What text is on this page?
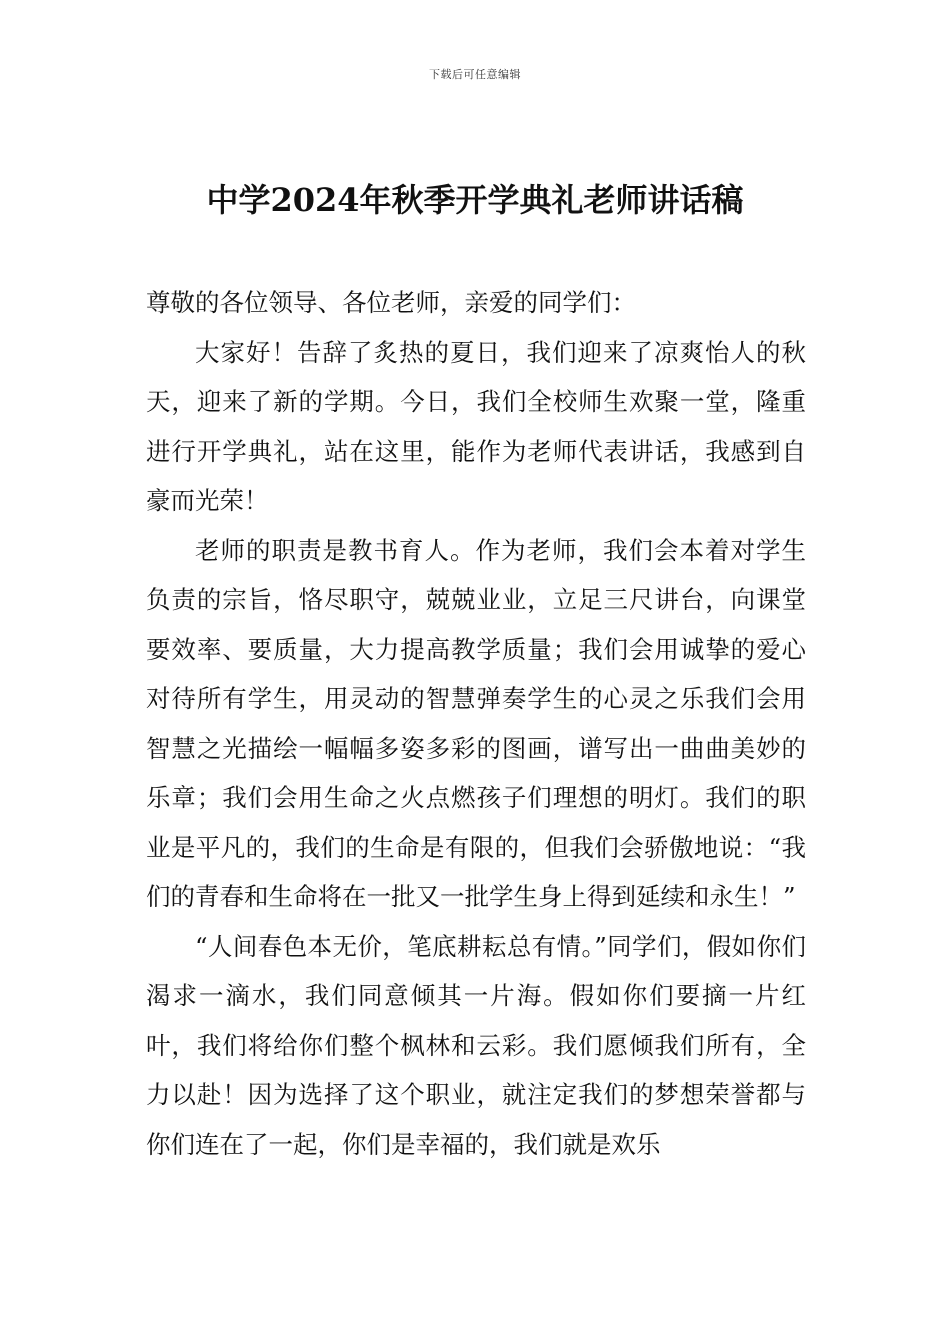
下载后可任意编辑
中学2024年秋季开学典礼老师讲话稿

尊敬的各位领导、各位老师，亲爱的同学们：

大家好！告辞了炙热的夏日，我们迎来了凉爽怡人的秋天，迎来了新的学期。今日，我们全校师生欢聚一堂，隆重进行开学典礼，站在这里，能作为老师代表讲话，我感到自豪而光荣！

老师的职责是教书育人。作为老师，我们会本着对学生负责的宗旨，恪尽职守，兢兢业业，立足三尺讲台，向课堂要效率、要质量，大力提高教学质量；我们会用诚挚的爱心对待所有学生，用灵动的智慧弹奏学生的心灵之乐我们会用智慧之光描绘一幅幅多姿多彩的图画，谱写出一曲曲美妙的乐章；我们会用生命之火点燃孩子们理想的明灯。我们的职业是平凡的，我们的生命是有限的，但我们会骄傲地说：“我们的青春和生命将在一批又一批学生身上得到延续和永生！”

“人间春色本无价，笔底耕耘总有情。”同学们，假如你们渴求一滴水，我们同意倾其一片海。假如你们要摘一片红叶，我们将给你们整个枫林和云彩。我们愿倾我们所有，全力以赴！因为选择了这个职业，就注定我们的梦想荣誉都与你们连在了一起，你们是幸福的，我们就是欢乐
